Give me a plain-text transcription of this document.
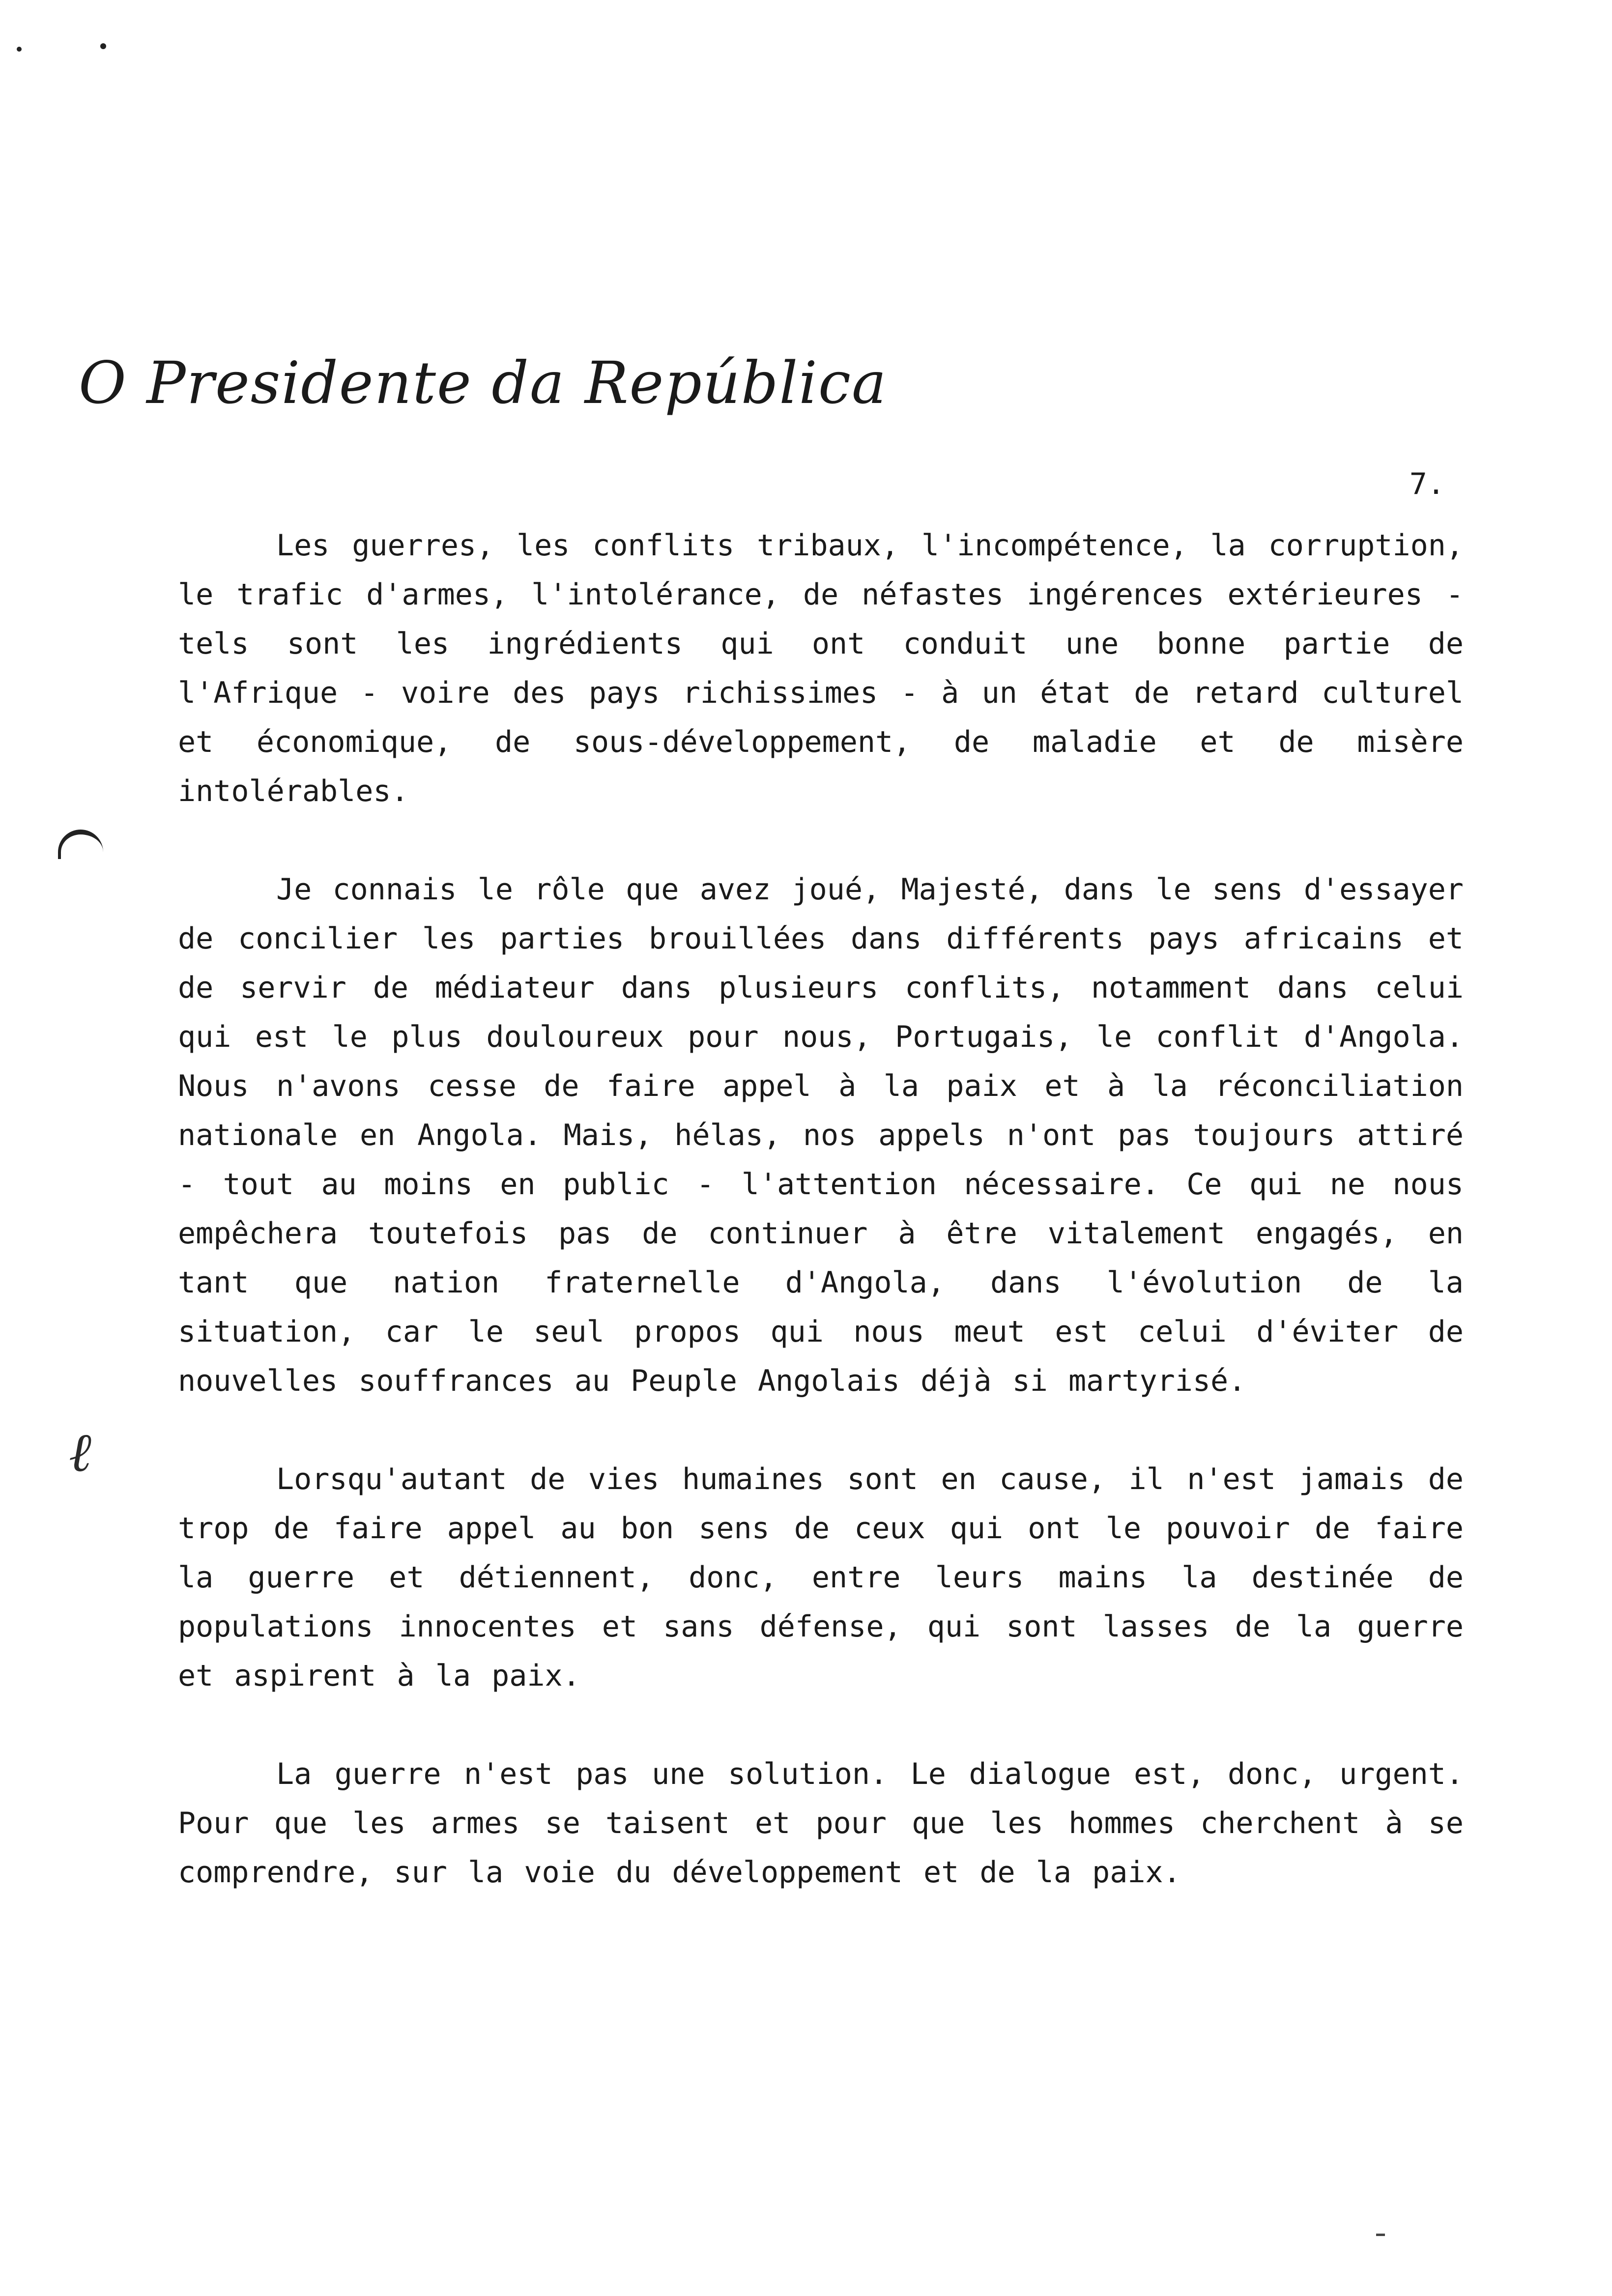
O Presidente da República
7.
ℓ

Les guerres, les conflits tribaux, l'incompétence, la corruption, le trafic d'armes, l'intolérance, de néfastes ingérences extérieures - tels sont les ingrédients qui ont conduit une bonne partie de l'Afrique - voire des pays richissimes - à un état de retard culturel et économique, de sous-développement, de maladie et de misère intolérables.

Je connais le rôle que avez joué, Majesté, dans le sens d'essayer de concilier les parties brouillées dans différents pays africains et de servir de médiateur dans plusieurs conflits, notamment dans celui qui est le plus douloureux pour nous, Portugais, le conflit d'Angola. Nous n'avons cesse de faire appel à la paix et à la réconciliation nationale en Angola. Mais, hélas, nos appels n'ont pas toujours attiré - tout au moins en public - l'attention nécessaire. Ce qui ne nous empêchera toutefois pas de continuer à être vitalement engagés, en tant que nation fraternelle d'Angola, dans l'évolution de la situation, car le seul propos qui nous meut est celui d'éviter de nouvelles souffrances au Peuple Angolais déjà si martyrisé.

Lorsqu'autant de vies humaines sont en cause, il n'est jamais de trop de faire appel au bon sens de ceux qui ont le pouvoir de faire la guerre et détiennent, donc, entre leurs mains la destinée de populations innocentes et sans défense, qui sont lasses de la guerre et aspirent à la paix.

La guerre n'est pas une solution. Le dialogue est, donc, urgent. Pour que les armes se taisent et pour que les hommes cherchent à se comprendre, sur la voie du développement et de la paix.
